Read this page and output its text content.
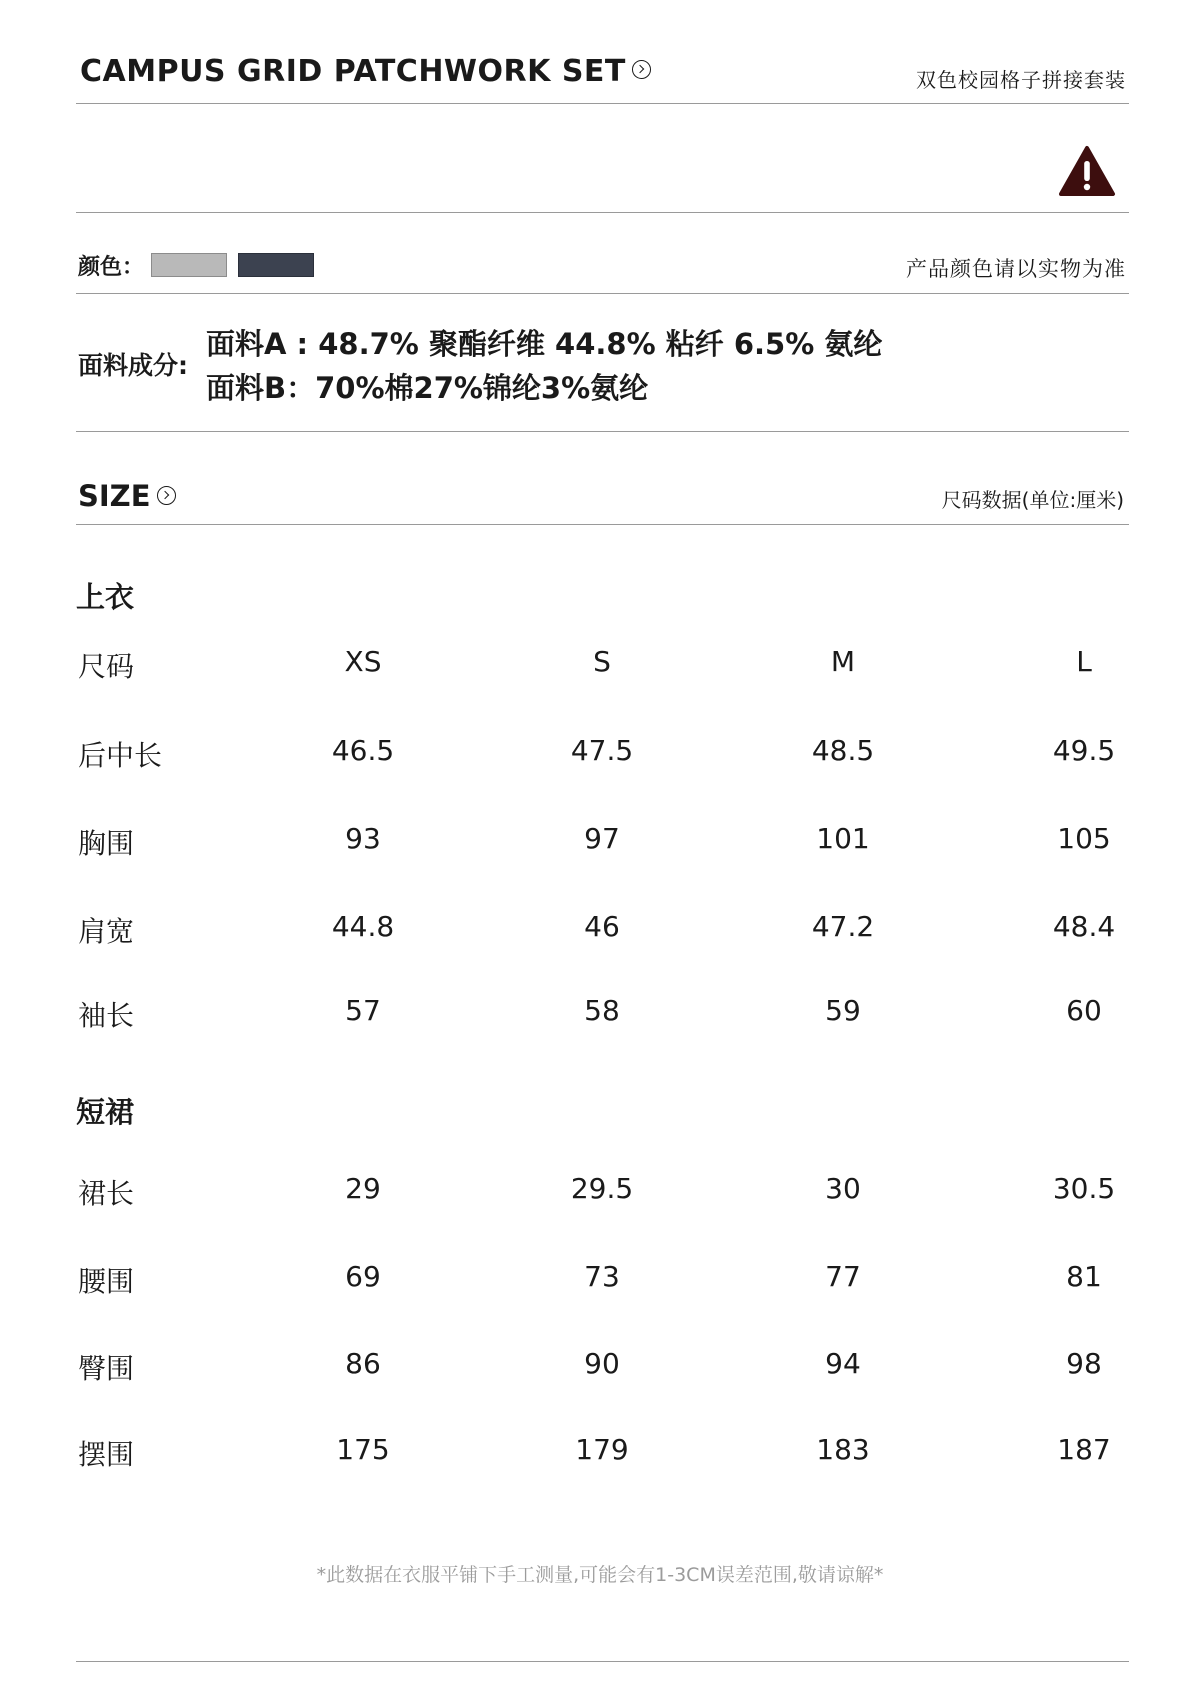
CAMPUS GRID PATCHWORK SET	双色校园格子拼接套装
颜色：	产品颜色请以实物为准
面料成分:
面料A : 48.7% 聚酯纤维 44.8% 粘纤 6.5% 氨纶
面料B：70%棉27%锦纶3%氨纶
SIZE	尺码数据(单位:厘米)
上衣
尺码	XS	S	M	L
后中长	46.5	47.5	48.5	49.5
胸围	93	97	101	105
肩宽	44.8	46	47.2	48.4
袖长	57	58	59	60
短裙
裙长	29	29.5	30	30.5
腰围	69	73	77	81
臀围	86	90	94	98
摆围	175	179	183	187
*此数据在衣服平铺下手工测量,可能会有1-3CM误差范围,敬请谅解*
